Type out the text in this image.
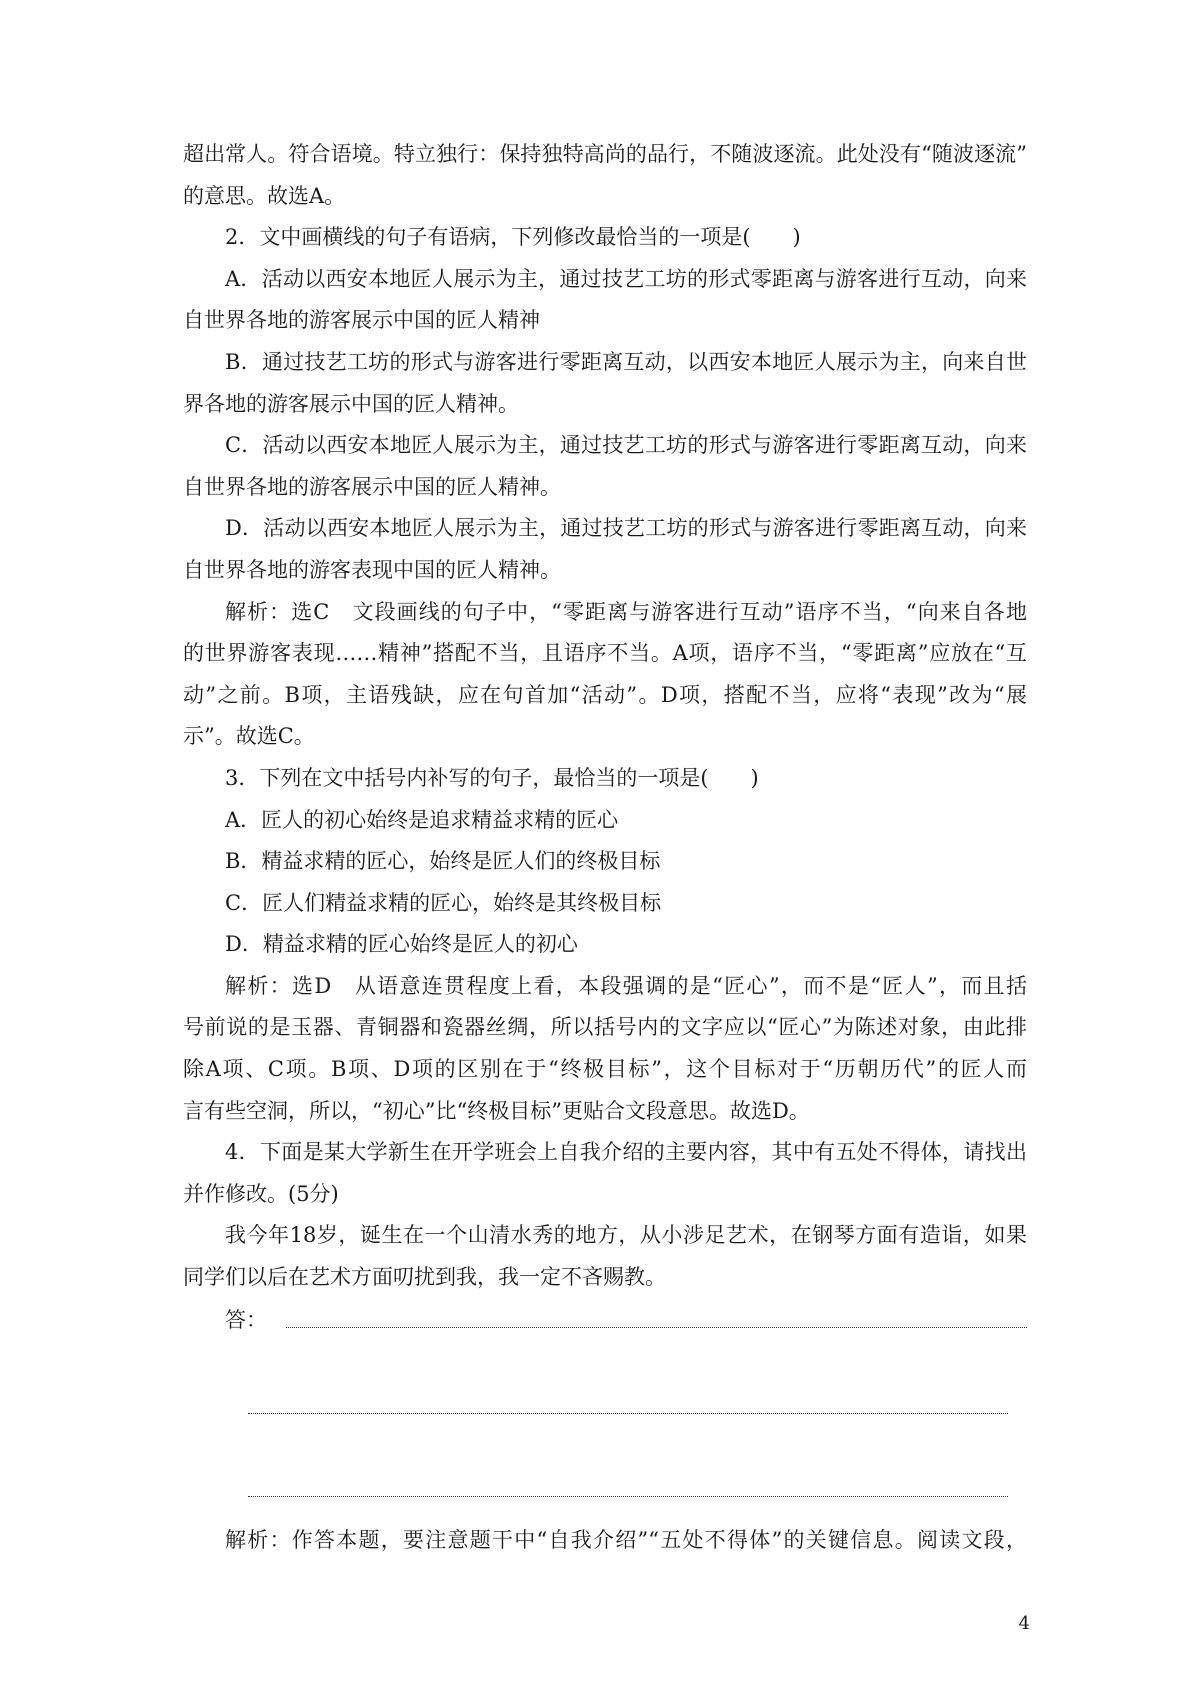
超出常人。符合语境。特立独行：保持独特高尚的品行，不随波逐流。此处没有“随波逐流”
的意思。故选A。
2．文中画横线的句子有语病，下列修改最恰当的一项是(　　)
A．活动以西安本地匠人展示为主，通过技艺工坊的形式零距离与游客进行互动，向来
自世界各地的游客展示中国的匠人精神
B．通过技艺工坊的形式与游客进行零距离互动，以西安本地匠人展示为主，向来自世
界各地的游客展示中国的匠人精神。
C．活动以西安本地匠人展示为主，通过技艺工坊的形式与游客进行零距离互动，向来
自世界各地的游客展示中国的匠人精神。
D．活动以西安本地匠人展示为主，通过技艺工坊的形式与游客进行零距离互动，向来
自世界各地的游客表现中国的匠人精神。
解析：选C　文段画线的句子中，“零距离与游客进行互动”语序不当，“向来自各地
的世界游客表现……精神”搭配不当，且语序不当。A项，语序不当，“零距离”应放在“互
动”之前。B项，主语残缺，应在句首加“活动”。D项，搭配不当，应将“表现”改为“展
示”。故选C。
3．下列在文中括号内补写的句子，最恰当的一项是(　　)
A．匠人的初心始终是追求精益求精的匠心
B．精益求精的匠心，始终是匠人们的终极目标
C．匠人们精益求精的匠心，始终是其终极目标
D．精益求精的匠心始终是匠人的初心
解析：选D　从语意连贯程度上看，本段强调的是“匠心”，而不是“匠人”，而且括
号前说的是玉器、青铜器和瓷器丝绸，所以括号内的文字应以“匠心”为陈述对象，由此排
除A项、C项。B项、D项的区别在于“终极目标”，这个目标对于“历朝历代”的匠人而
言有些空洞，所以，“初心”比“终极目标”更贴合文段意思。故选D。
4．下面是某大学新生在开学班会上自我介绍的主要内容，其中有五处不得体，请找出
并作修改。(5分)
我今年18岁，诞生在一个山清水秀的地方，从小涉足艺术，在钢琴方面有造诣，如果
同学们以后在艺术方面叨扰到我，我一定不吝赐教。
答：
解析：作答本题，要注意题干中“自我介绍”“五处不得体”的关键信息。阅读文段，
4
